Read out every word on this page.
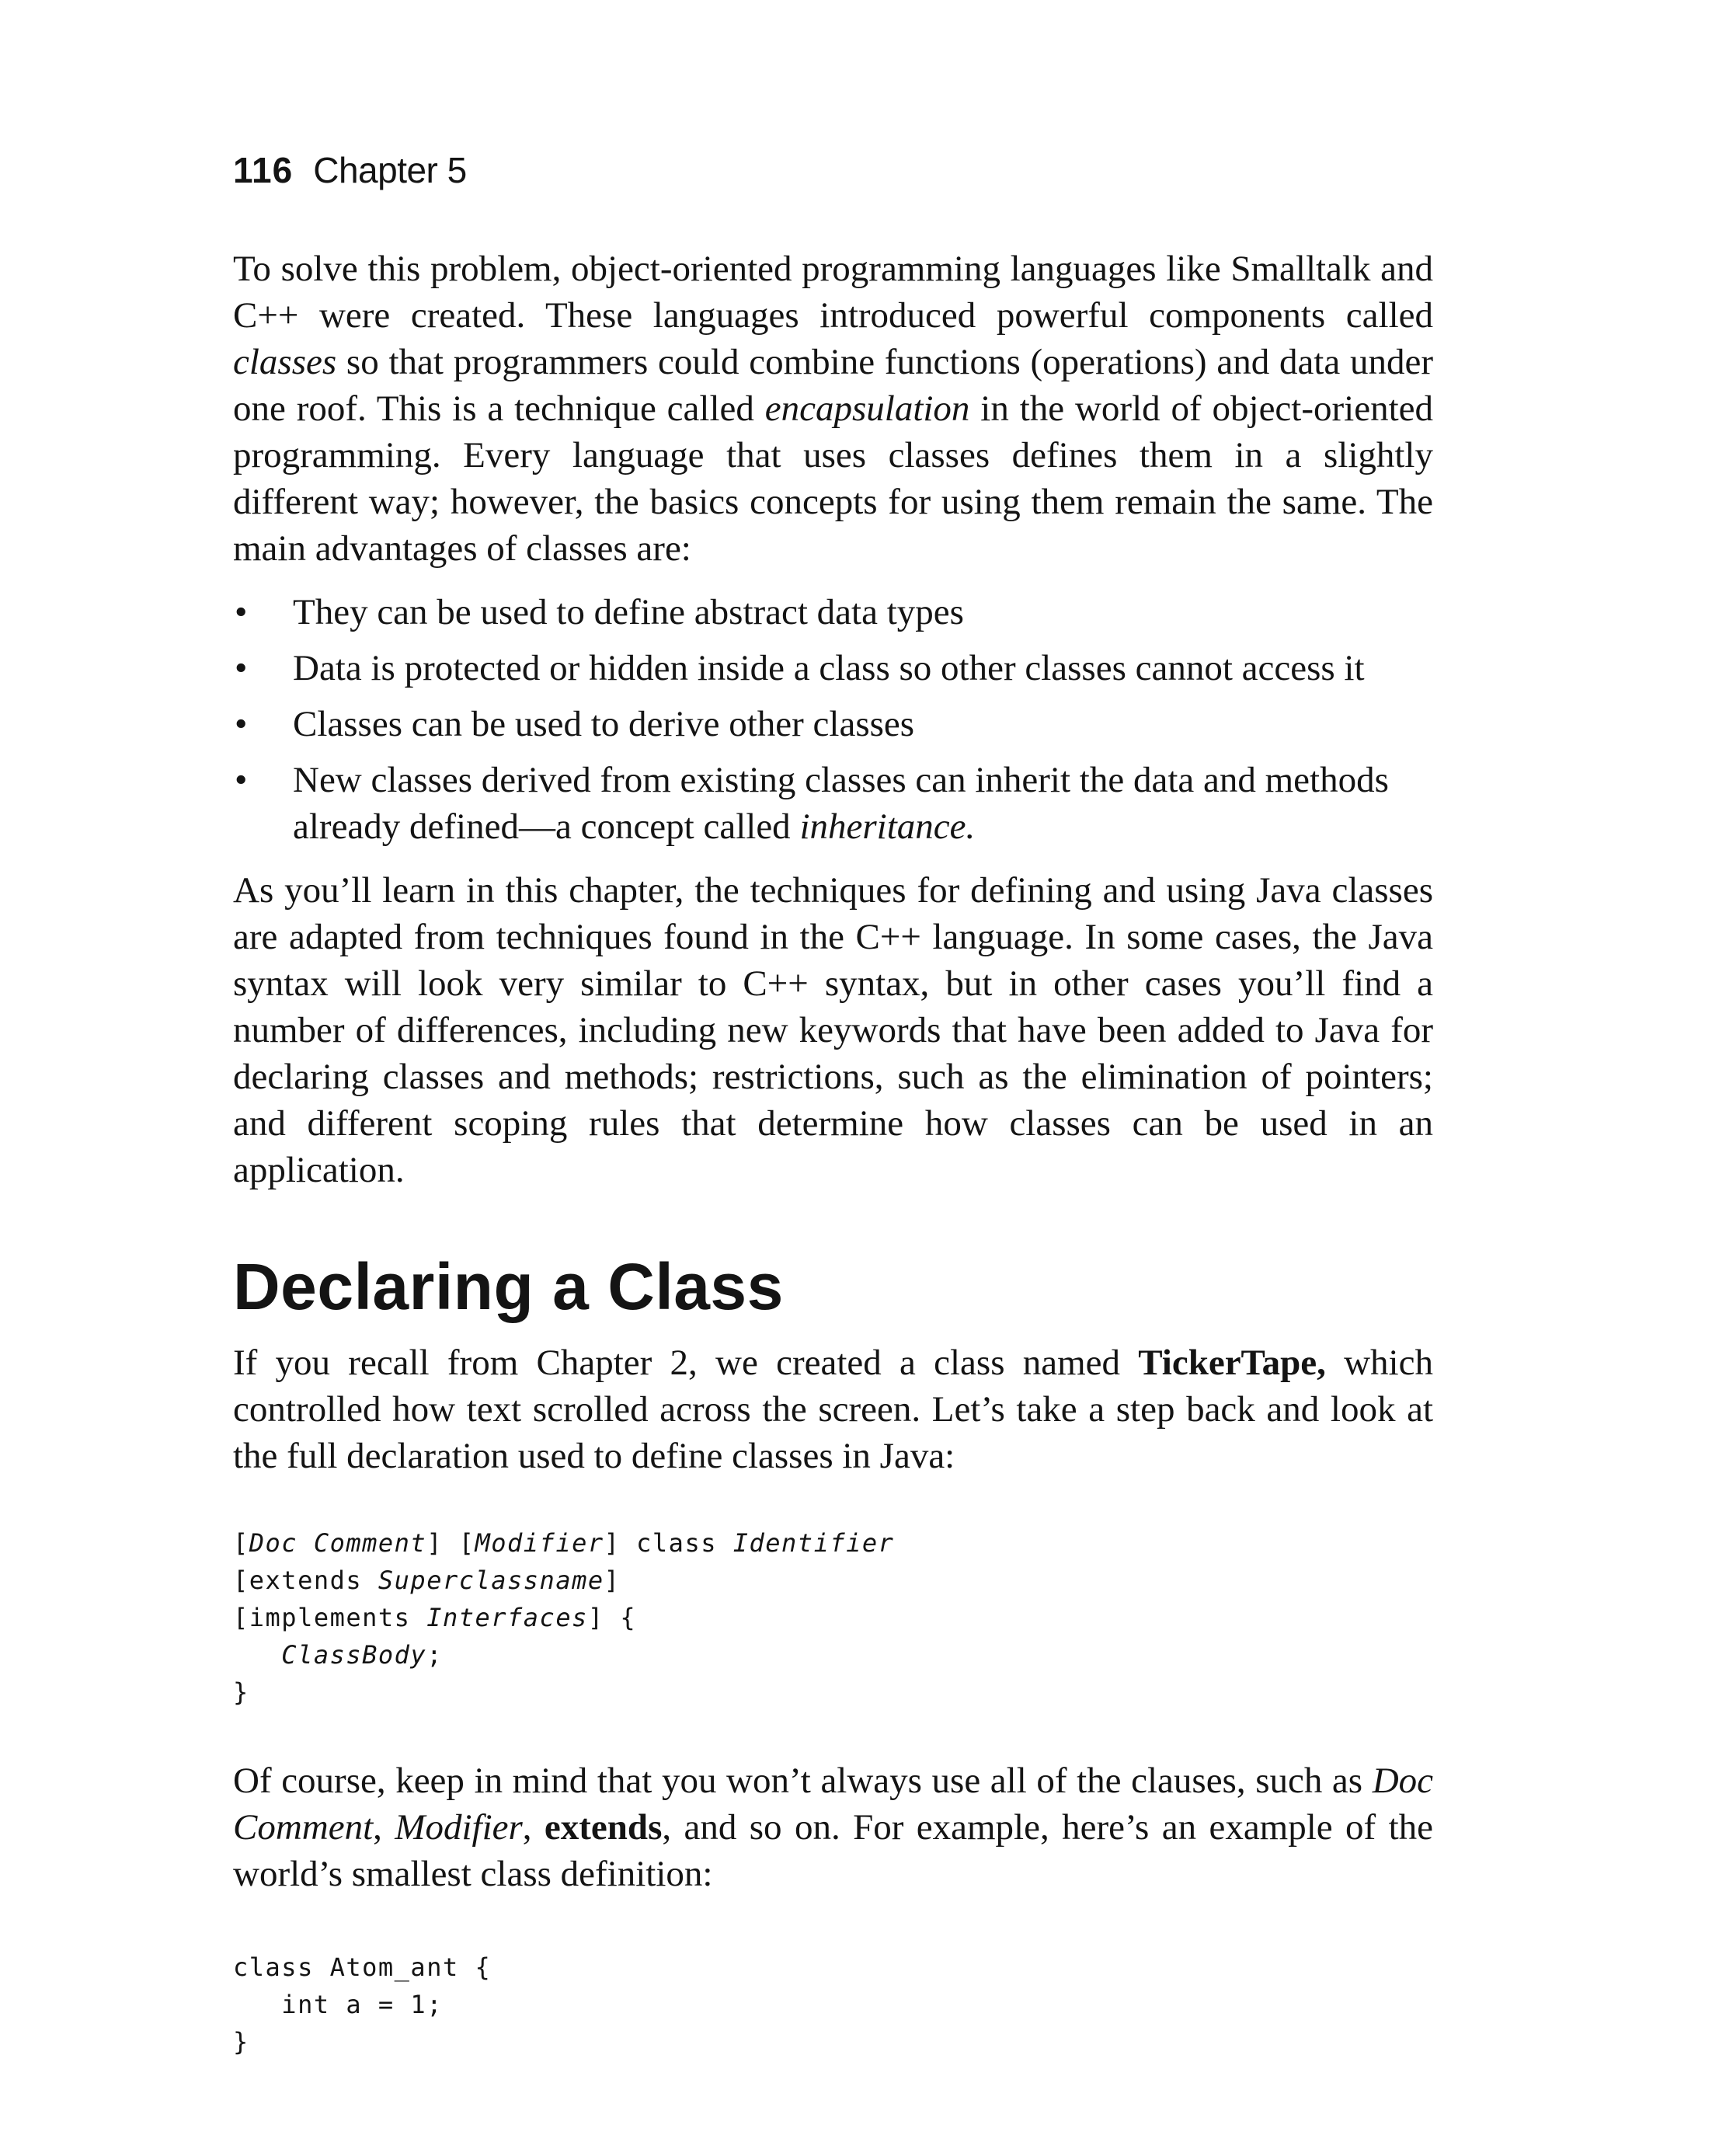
116 Chapter 5

To solve this problem, object-oriented programming languages like Smalltalk and C++ were created. These languages introduced powerful components called classes so that programmers could combine functions (operations) and data under one roof. This is a technique called encapsulation in the world of object-oriented programming. Every language that uses classes defines them in a slightly different way; however, the basics concepts for using them remain the same. The main advantages of classes are:

• They can be used to define abstract data types
• Data is protected or hidden inside a class so other classes cannot access it
• Classes can be used to derive other classes
• New classes derived from existing classes can inherit the data and methods already defined—a concept called inheritance.

As you’ll learn in this chapter, the techniques for defining and using Java classes are adapted from techniques found in the C++ language. In some cases, the Java syntax will look very similar to C++ syntax, but in other cases you’ll find a number of differences, including new keywords that have been added to Java for declaring classes and methods; restrictions, such as the elimination of pointers; and different scoping rules that determine how classes can be used in an application.

Declaring a Class

If you recall from Chapter 2, we created a class named TickerTape, which controlled how text scrolled across the screen. Let’s take a step back and look at the full declaration used to define classes in Java:

[Doc Comment] [Modifier] class Identifier
[extends Superclassname]
[implements Interfaces] {
ClassBody;
}

Of course, keep in mind that you won’t always use all of the clauses, such as Doc Comment, Modifier, extends, and so on. For example, here’s an example of the world’s smallest class definition:

class Atom_ant {
int a = 1;
}
